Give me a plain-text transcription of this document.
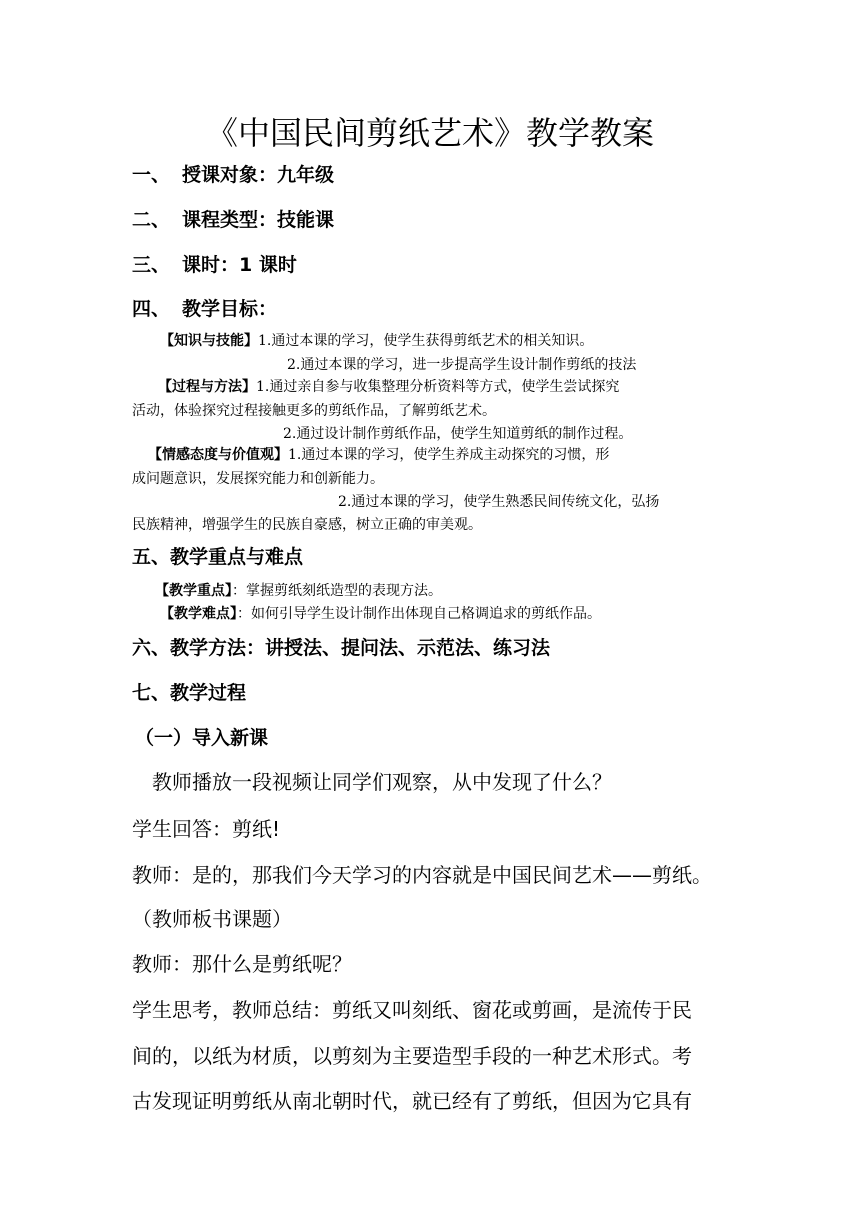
《中国民间剪纸艺术》教学教案
一、 授课对象：九年级
二、 课程类型：技能课
三、 课时：1 课时
四、 教学目标：
【知识与技能】1.通过本课的学习，使学生获得剪纸艺术的相关知识。
2.通过本课的学习，进一步提高学生设计制作剪纸的技法
【过程与方法】1.通过亲自参与收集整理分析资料等方式，使学生尝试探究
活动，体验探究过程接触更多的剪纸作品，了解剪纸艺术。
2.通过设计制作剪纸作品，使学生知道剪纸的制作过程。
【情感态度与价值观】1.通过本课的学习，使学生养成主动探究的习惯，形
成问题意识，发展探究能力和创新能力。
2.通过本课的学习，使学生熟悉民间传统文化，弘扬
民族精神，增强学生的民族自豪感，树立正确的审美观。
五、教学重点与难点
【教学重点】：掌握剪纸刻纸造型的表现方法。
【教学难点】：如何引导学生设计制作出体现自己格调追求的剪纸作品。
六、教学方法：讲授法、提问法、示范法、练习法
七、教学过程
（一）导入新课
教师播放一段视频让同学们观察，从中发现了什么？
学生回答：剪纸!
教师：是的，那我们今天学习的内容就是中国民间艺术——剪纸。
（教师板书课题）
教师：那什么是剪纸呢？
学生思考，教师总结：剪纸又叫刻纸、窗花或剪画，是流传于民
间的，以纸为材质，以剪刻为主要造型手段的一种艺术形式。考
古发现证明剪纸从南北朝时代，就已经有了剪纸，但因为它具有
